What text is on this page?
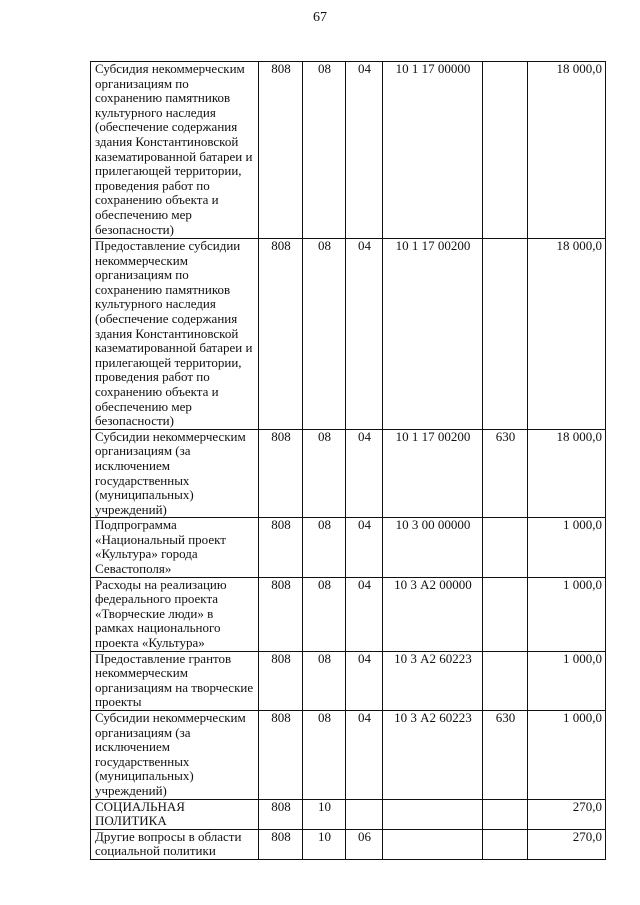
67
Субсидия некоммерческим организациям по сохранению памятников культурного наследия (обеспечение содержания здания Константиновской казематированной батареи и прилегающей территории, проведения работ по сохранению объекта и обеспечению мер безопасности)	808	08	04	10 1 17 00000		18 000,0
Предоставление субсидии некоммерческим организациям по сохранению памятников культурного наследия (обеспечение содержания здания Константиновской казематированной батареи и прилегающей территории, проведения работ по сохранению объекта и обеспечению мер безопасности)	808	08	04	10 1 17 00200		18 000,0
Субсидии некоммерческим организациям (за исключением государственных (муниципальных) учреждений)	808	08	04	10 1 17 00200	630	18 000,0
Подпрограмма «Национальный проект «Культура» города Севастополя»	808	08	04	10 3 00 00000		1 000,0
Расходы на реализацию федерального проекта «Творческие люди» в рамках национального проекта «Культура»	808	08	04	10 3 А2 00000		1 000,0
Предоставление грантов некоммерческим организациям на творческие проекты	808	08	04	10 3 А2 60223		1 000,0
Субсидии некоммерческим организациям (за исключением государственных (муниципальных) учреждений)	808	08	04	10 3 А2 60223	630	1 000,0
СОЦИАЛЬНАЯ ПОЛИТИКА	808	10				270,0
Другие вопросы в области социальной политики	808	10	06			270,0
